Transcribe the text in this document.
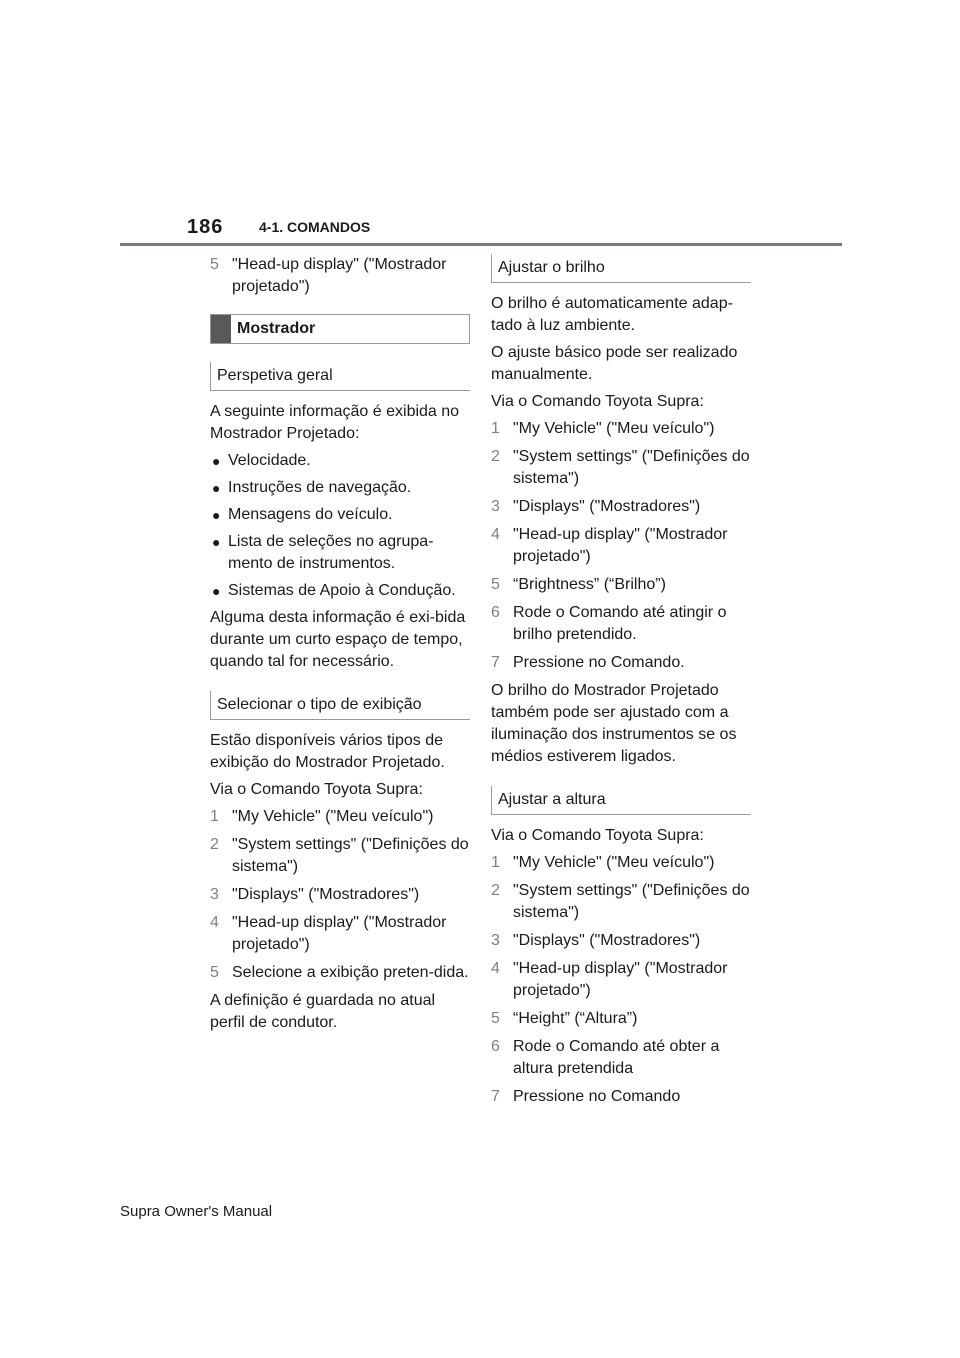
186	4-1. COMANDOS
5 "Head-up display" ("Mostrador projetado")
Mostrador
Perspetiva geral

A seguinte informação é exibida no Mostrador Projetado:

● Velocidade.
● Instruções de navegação.
● Mensagens do veículo.
● Lista de seleções no agrupa-mento de instrumentos.
● Sistemas de Apoio à Condução.

Alguma desta informação é exi-bida durante um curto espaço de tempo, quando tal for necessário.

Selecionar o tipo de exibição

Estão disponíveis vários tipos de exibição do Mostrador Projetado.

Via o Comando Toyota Supra:

1 "My Vehicle" ("Meu veículo")
2 "System settings" ("Definições do sistema")
3 "Displays" ("Mostradores")
4 "Head-up display" ("Mostrador projetado")
5 Selecione a exibição preten-dida.

A definição é guardada no atual perfil de condutor.

Ajustar o brilho

O brilho é automaticamente adap-tado à luz ambiente.

O ajuste básico pode ser realizado manualmente.

Via o Comando Toyota Supra:

1 "My Vehicle" ("Meu veículo")
2 "System settings" ("Definições do sistema")
3 "Displays" ("Mostradores")
4 "Head-up display" ("Mostrador projetado")
5 “Brightness” (“Brilho”)
6 Rode o Comando até atingir o brilho pretendido.
7 Pressione no Comando.

O brilho do Mostrador Projetado também pode ser ajustado com a iluminação dos instrumentos se os médios estiverem ligados.

Ajustar a altura

Via o Comando Toyota Supra:

1 "My Vehicle" ("Meu veículo")
2 "System settings" ("Definições do sistema")
3 "Displays" ("Mostradores")
4 "Head-up display" ("Mostrador projetado")
5 “Height” (“Altura”)
6 Rode o Comando até obter a altura pretendida
7 Pressione no Comando
Supra Owner's Manual
